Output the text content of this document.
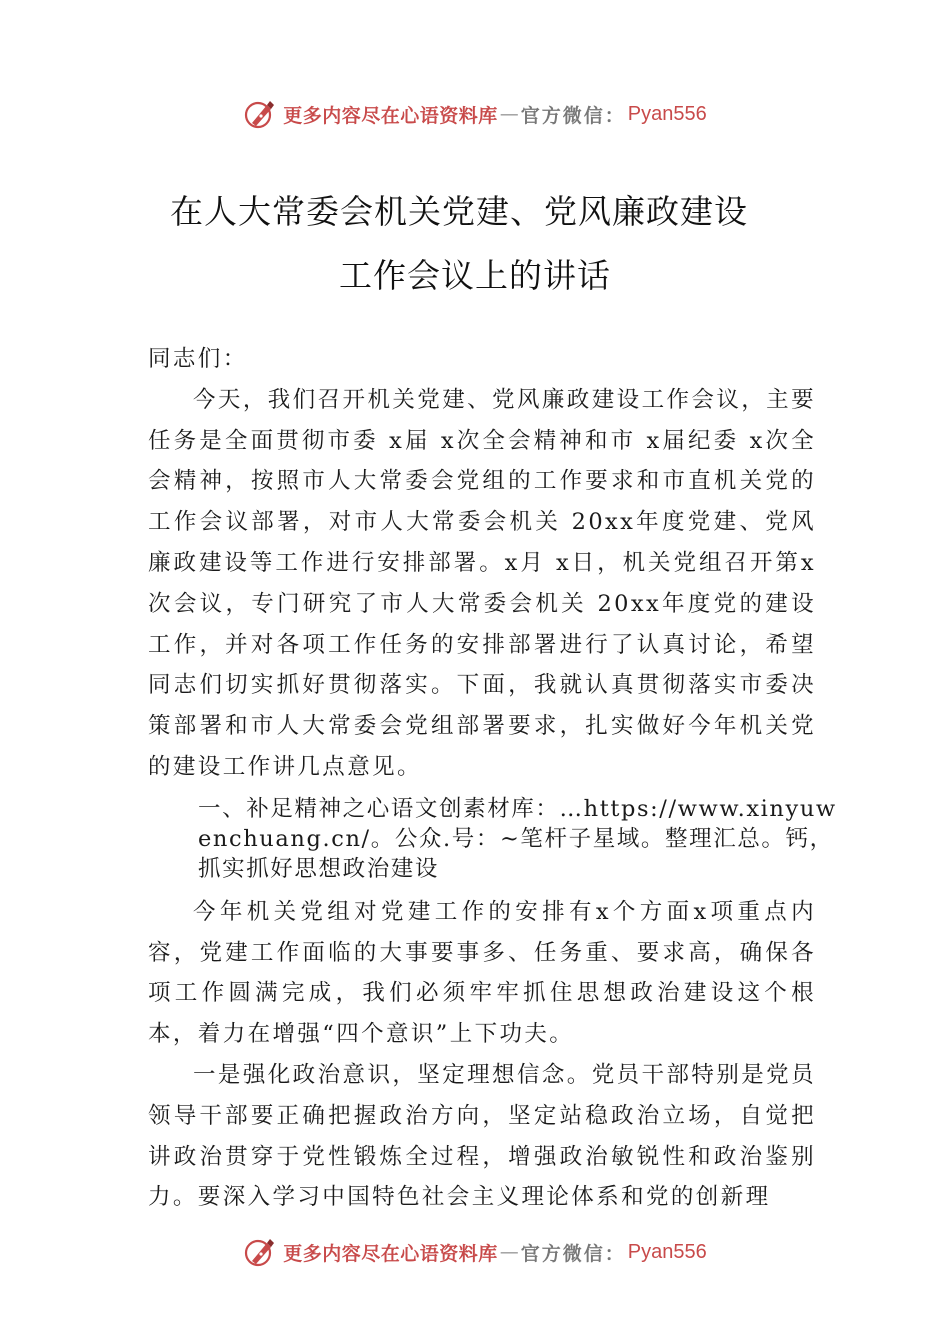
更多内容尽在心语资料库 — 官方微信： Pyan556
在人大常委会机关党建、党风廉政建设
工作会议上的讲话

同志们：

今天，我们召开机关党建、党风廉政建设工作会议，主要任务是全面贯彻市委 x届 x次全会精神和市 x届纪委 x次全会精神，按照市人大常委会党组的工作要求和市直机关党的工作会议部署，对市人大常委会机关 20xx年度党建、党风廉政建设等工作进行安排部署。x月 x日，机关党组召开第x次会议，专门研究了市人大常委会机关 20xx年度党的建设工作，并对各项工作任务的安排部署进行了认真讨论，希望同志们切实抓好贯彻落实。下面，我就认真贯彻落实市委决策部署和市人大常委会党组部署要求，扎实做好今年机关党的建设工作讲几点意见。

一、补足精神之心语文创素材库：…https://www.xinyuwenchuang.cn/。公众.号：~笔杆子星域。整理汇总。钙，抓实抓好思想政治建设

今年机关党组对党建工作的安排有x个方面x项重点内容，党建工作面临的大事要事多、任务重、要求高，确保各项工作圆满完成，我们必须牢牢抓住思想政治建设这个根本，着力在增强“四个意识”上下功夫。

一是强化政治意识，坚定理想信念。党员干部特别是党员领导干部要正确把握政治方向，坚定站稳政治立场，自觉把讲政治贯穿于党性锻炼全过程，增强政治敏锐性和政治鉴别力。要深入学习中国特色社会主义理论体系和党的创新理

更多内容尽在心语资料库 — 官方微信： Pyan556
